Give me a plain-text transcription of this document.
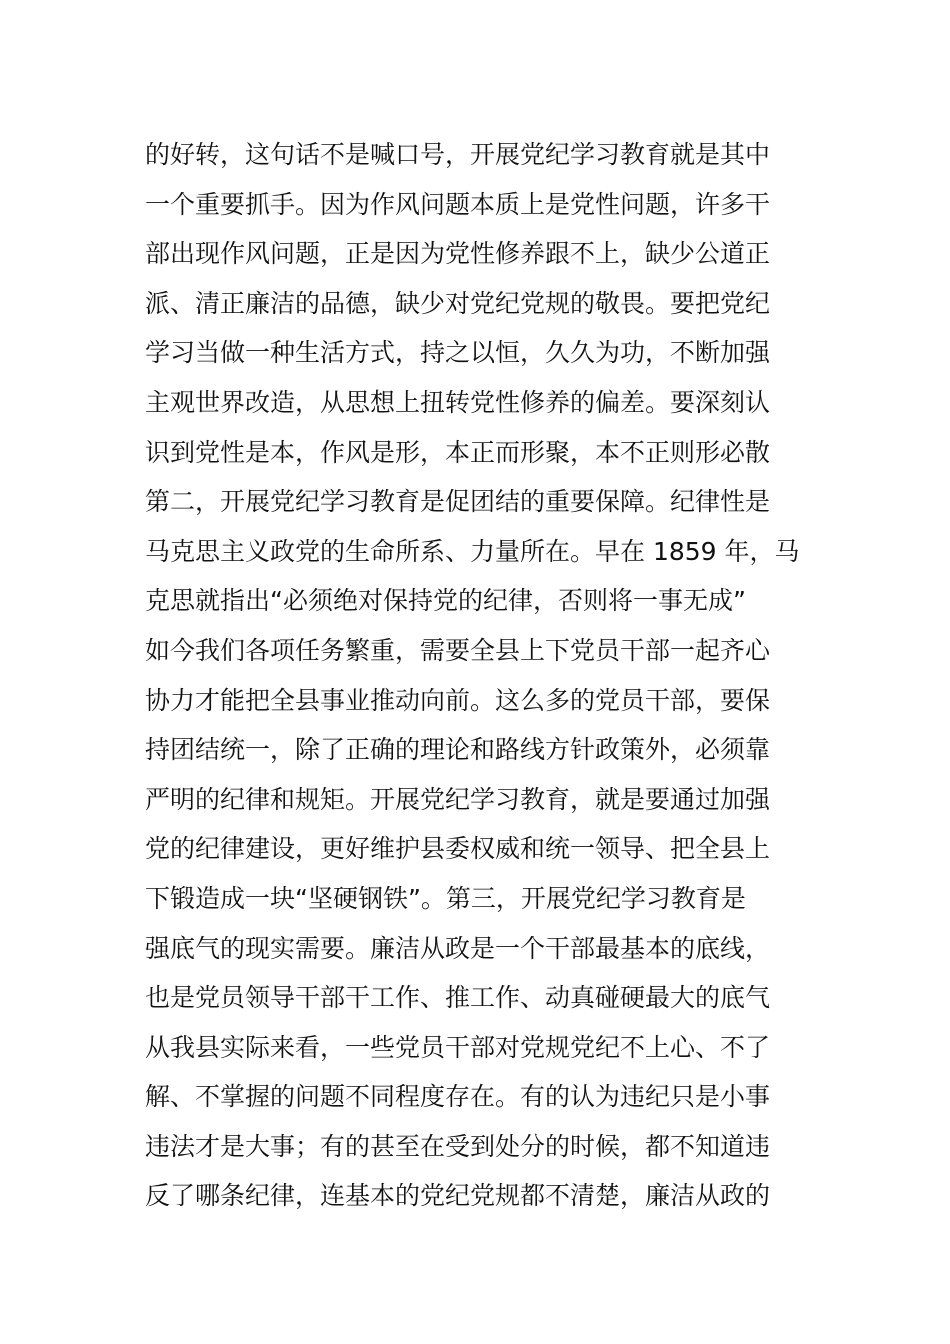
的好转，这句话不是喊口号，开展党纪学习教育就是其中
一个重要抓手。因为作风问题本质上是党性问题，许多干
部出现作风问题，正是因为党性修养跟不上，缺少公道正
派、清正廉洁的品德，缺少对党纪党规的敬畏。要把党纪
学习当做一种生活方式，持之以恒，久久为功，不断加强
主观世界改造，从思想上扭转党性修养的偏差。要深刻认
识到党性是本，作风是形，本正而形聚，本不正则形必散
第二，开展党纪学习教育是促团结的重要保障。纪律性是
马克思主义政党的生命所系、力量所在。早在 1859 年，马
克思就指出“必须绝对保持党的纪律，否则将一事无成”
如今我们各项任务繁重，需要全县上下党员干部一起齐心
协力才能把全县事业推动向前。这么多的党员干部，要保
持团结统一，除了正确的理论和路线方针政策外，必须靠
严明的纪律和规矩。开展党纪学习教育，就是要通过加强
党的纪律建设，更好维护县委权威和统一领导、把全县上
下锻造成一块“坚硬钢铁”。第三，开展党纪学习教育是
强底气的现实需要。廉洁从政是一个干部最基本的底线，
也是党员领导干部干工作、推工作、动真碰硬最大的底气
从我县实际来看，一些党员干部对党规党纪不上心、不了
解、不掌握的问题不同程度存在。有的认为违纪只是小事
违法才是大事；有的甚至在受到处分的时候，都不知道违
反了哪条纪律，连基本的党纪党规都不清楚，廉洁从政的
